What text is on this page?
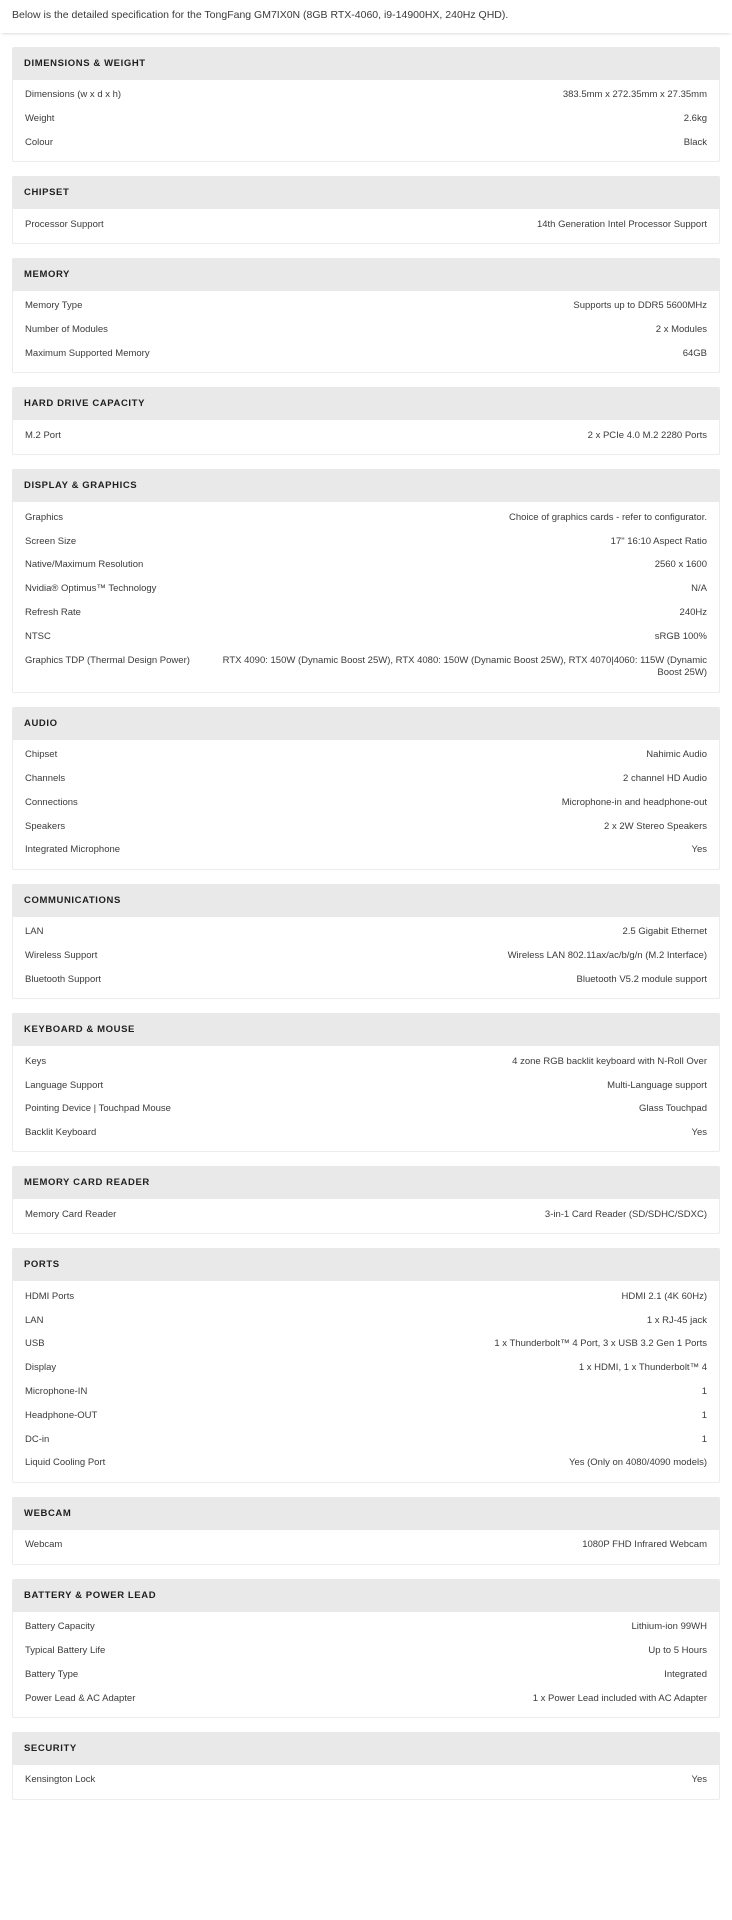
Below is the detailed specification for the TongFang GM7IX0N (8GB RTX-4060, i9-14900HX, 240Hz QHD).
DIMENSIONS & WEIGHT
Dimensions (w x d x h)	383.5mm x 272.35mm x 27.35mm
Weight	2.6kg
Colour	Black
CHIPSET
Processor Support	14th Generation Intel Processor Support
MEMORY
Memory Type	Supports up to DDR5 5600MHz
Number of Modules	2 x Modules
Maximum Supported Memory	64GB
HARD DRIVE CAPACITY
M.2 Port	2 x PCIe 4.0 M.2 2280 Ports
DISPLAY & GRAPHICS
Graphics	Choice of graphics cards - refer to configurator.
Screen Size	17" 16:10 Aspect Ratio
Native/Maximum Resolution	2560 x 1600
Nvidia® Optimus™ Technology	N/A
Refresh Rate	240Hz
NTSC	sRGB 100%
Graphics TDP (Thermal Design Power)	RTX 4090: 150W (Dynamic Boost 25W), RTX 4080: 150W (Dynamic Boost 25W), RTX 4070|4060: 115W (Dynamic Boost 25W)
AUDIO
Chipset	Nahimic Audio
Channels	2 channel HD Audio
Connections	Microphone-in and headphone-out
Speakers	2 x 2W Stereo Speakers
Integrated Microphone	Yes
COMMUNICATIONS
LAN	2.5 Gigabit Ethernet
Wireless Support	Wireless LAN 802.11ax/ac/b/g/n (M.2 Interface)
Bluetooth Support	Bluetooth V5.2 module support
KEYBOARD & MOUSE
Keys	4 zone RGB backlit keyboard with N-Roll Over
Language Support	Multi-Language support
Pointing Device | Touchpad Mouse	Glass Touchpad
Backlit Keyboard	Yes
MEMORY CARD READER
Memory Card Reader	3-in-1 Card Reader (SD/SDHC/SDXC)
PORTS
HDMI Ports	HDMI 2.1 (4K 60Hz)
LAN	1 x RJ-45 jack
USB	1 x Thunderbolt™ 4 Port, 3 x USB 3.2 Gen 1 Ports
Display	1 x HDMI, 1 x Thunderbolt™ 4
Microphone-IN	1
Headphone-OUT	1
DC-in	1
Liquid Cooling Port	Yes (Only on 4080/4090 models)
WEBCAM
Webcam	1080P FHD Infrared Webcam
BATTERY & POWER LEAD
Battery Capacity	Lithium-ion 99WH
Typical Battery Life	Up to 5 Hours
Battery Type	Integrated
Power Lead & AC Adapter	1 x Power Lead included with AC Adapter
SECURITY
Kensington Lock	Yes
